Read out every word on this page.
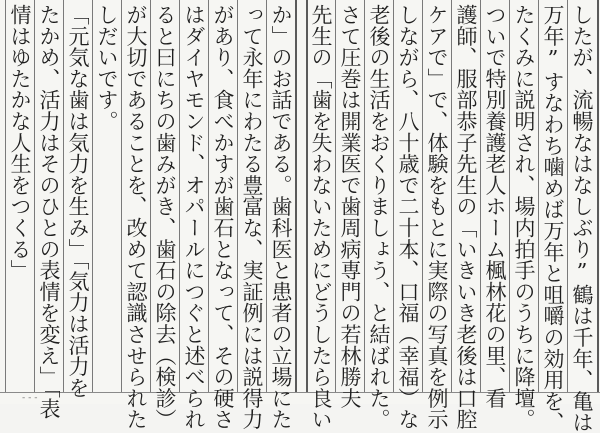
したが、流暢なはなしぶり”鶴は千年、亀は
万年”すなわち噛めば万年と咀嚼の効用を、
たくみに説明され、場内拍手のうちに降壇。
ついで特別養護老人ホーム楓林花の里、看
護師、服部恭子先生の「いきいき老後は口腔
ケアで」で、体験をもとに実際の写真を例示
しながら、八十歳で二十本、口福（幸福）な
老後の生活をおくりましょう、と結ばれた。
さて圧巻は開業医で歯周病専門の若林勝夫
先生の「歯を失わないためにどうしたら良い
か」のお話である。歯科医と患者の立場にた
って永年にわたる豊富な、実証例には説得力
があり、食べかすが歯石となって、その硬さ
はダイヤモンド、オパールにつぐと述べられ
ると曰にちの歯みがき、歯石の除去（検診）
が大切であることを、改めて認識させられた
しだいです。
「元気な歯は気力を生み」「気力は活力を
たかめ、活力はそのひとの表情を変え」「表
情はゆたかな人生をつくる」
- - -
